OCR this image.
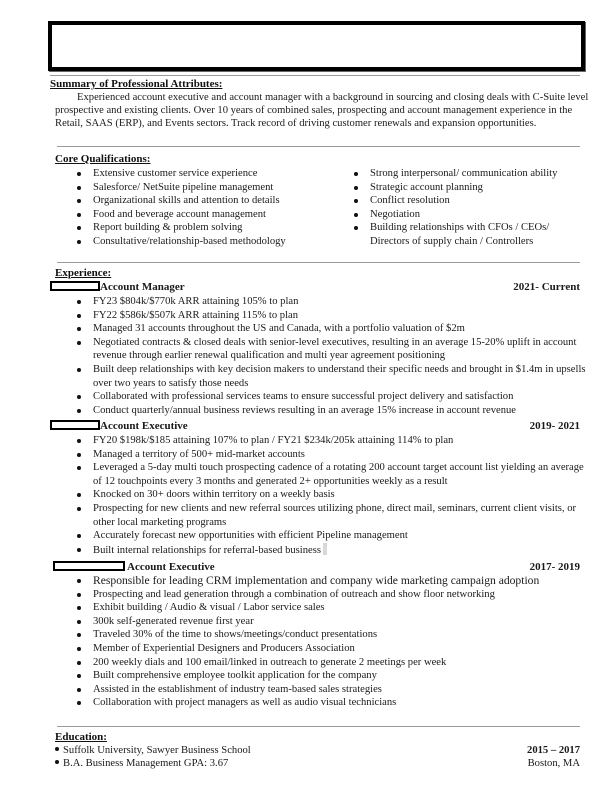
Summary of Professional Attributes:
Experienced account executive and account manager with a background in sourcing and closing deals with C-Suite level prospective and existing clients. Over 10 years of combined sales, prospecting and account management experience in the Retail, SAAS (ERP), and Events sectors. Track record of driving customer renewals and expansion opportunities.
Core Qualifications:
Extensive customer service experience
Salesforce/ NetSuite pipeline management
Organizational skills and attention to details
Food and beverage account management
Report building & problem solving
Consultative/relationship-based methodology
Strong interpersonal/ communication ability
Strategic account planning
Conflict resolution
Negotiation
Building relationships with CFOs / CEOs/ Directors of supply chain / Controllers
Experience:
Account Manager	2021- Current
FY23 $804k/$770k ARR attaining 105% to plan
FY22 $586k/$507k ARR attaining 115% to plan
Managed 31 accounts throughout the US and Canada, with a portfolio valuation of $2m
Negotiated contracts & closed deals with senior-level executives, resulting in an average 15-20% uplift in account revenue through earlier renewal qualification and multi year agreement positioning
Built deep relationships with key decision makers to understand their specific needs and brought in $1.4m in upsells over two years to satisfy those needs
Collaborated with professional services teams to ensure successful project delivery and satisfaction
Conduct quarterly/annual business reviews resulting in an average 15% increase in account revenue
Account Executive	2019- 2021
FY20 $198k/$185 attaining 107% to plan / FY21 $234k/205k attaining 114% to plan
Managed a territory of 500+ mid-market accounts
Leveraged a 5-day multi touch prospecting cadence of a rotating 200 account target account list yielding an average of 12 touchpoints every 3 months and generated 2+ opportunities weekly as a result
Knocked on 30+ doors within territory on a weekly basis
Prospecting for new clients and new referral sources utilizing phone, direct mail, seminars, current client visits, or other local marketing programs
Accurately forecast new opportunities with efficient Pipeline management
Built internal relationships for referral-based business
Account Executive	2017- 2019
Responsible for leading CRM implementation and company wide marketing campaign adoption
Prospecting and lead generation through a combination of outreach and show floor networking
Exhibit building / Audio & visual / Labor service sales
300k self-generated revenue first year
Traveled 30% of the time to shows/meetings/conduct presentations
Member of Experiential Designers and Producers Association
200 weekly dials and 100 email/linked in outreach to generate 2 meetings per week
Built comprehensive employee toolkit application for the company
Assisted in the establishment of industry team-based sales strategies
Collaboration with project managers as well as audio visual technicians
Education:
Suffolk University, Sawyer Business School	2015 – 2017
B.A. Business Management GPA: 3.67	Boston, MA
